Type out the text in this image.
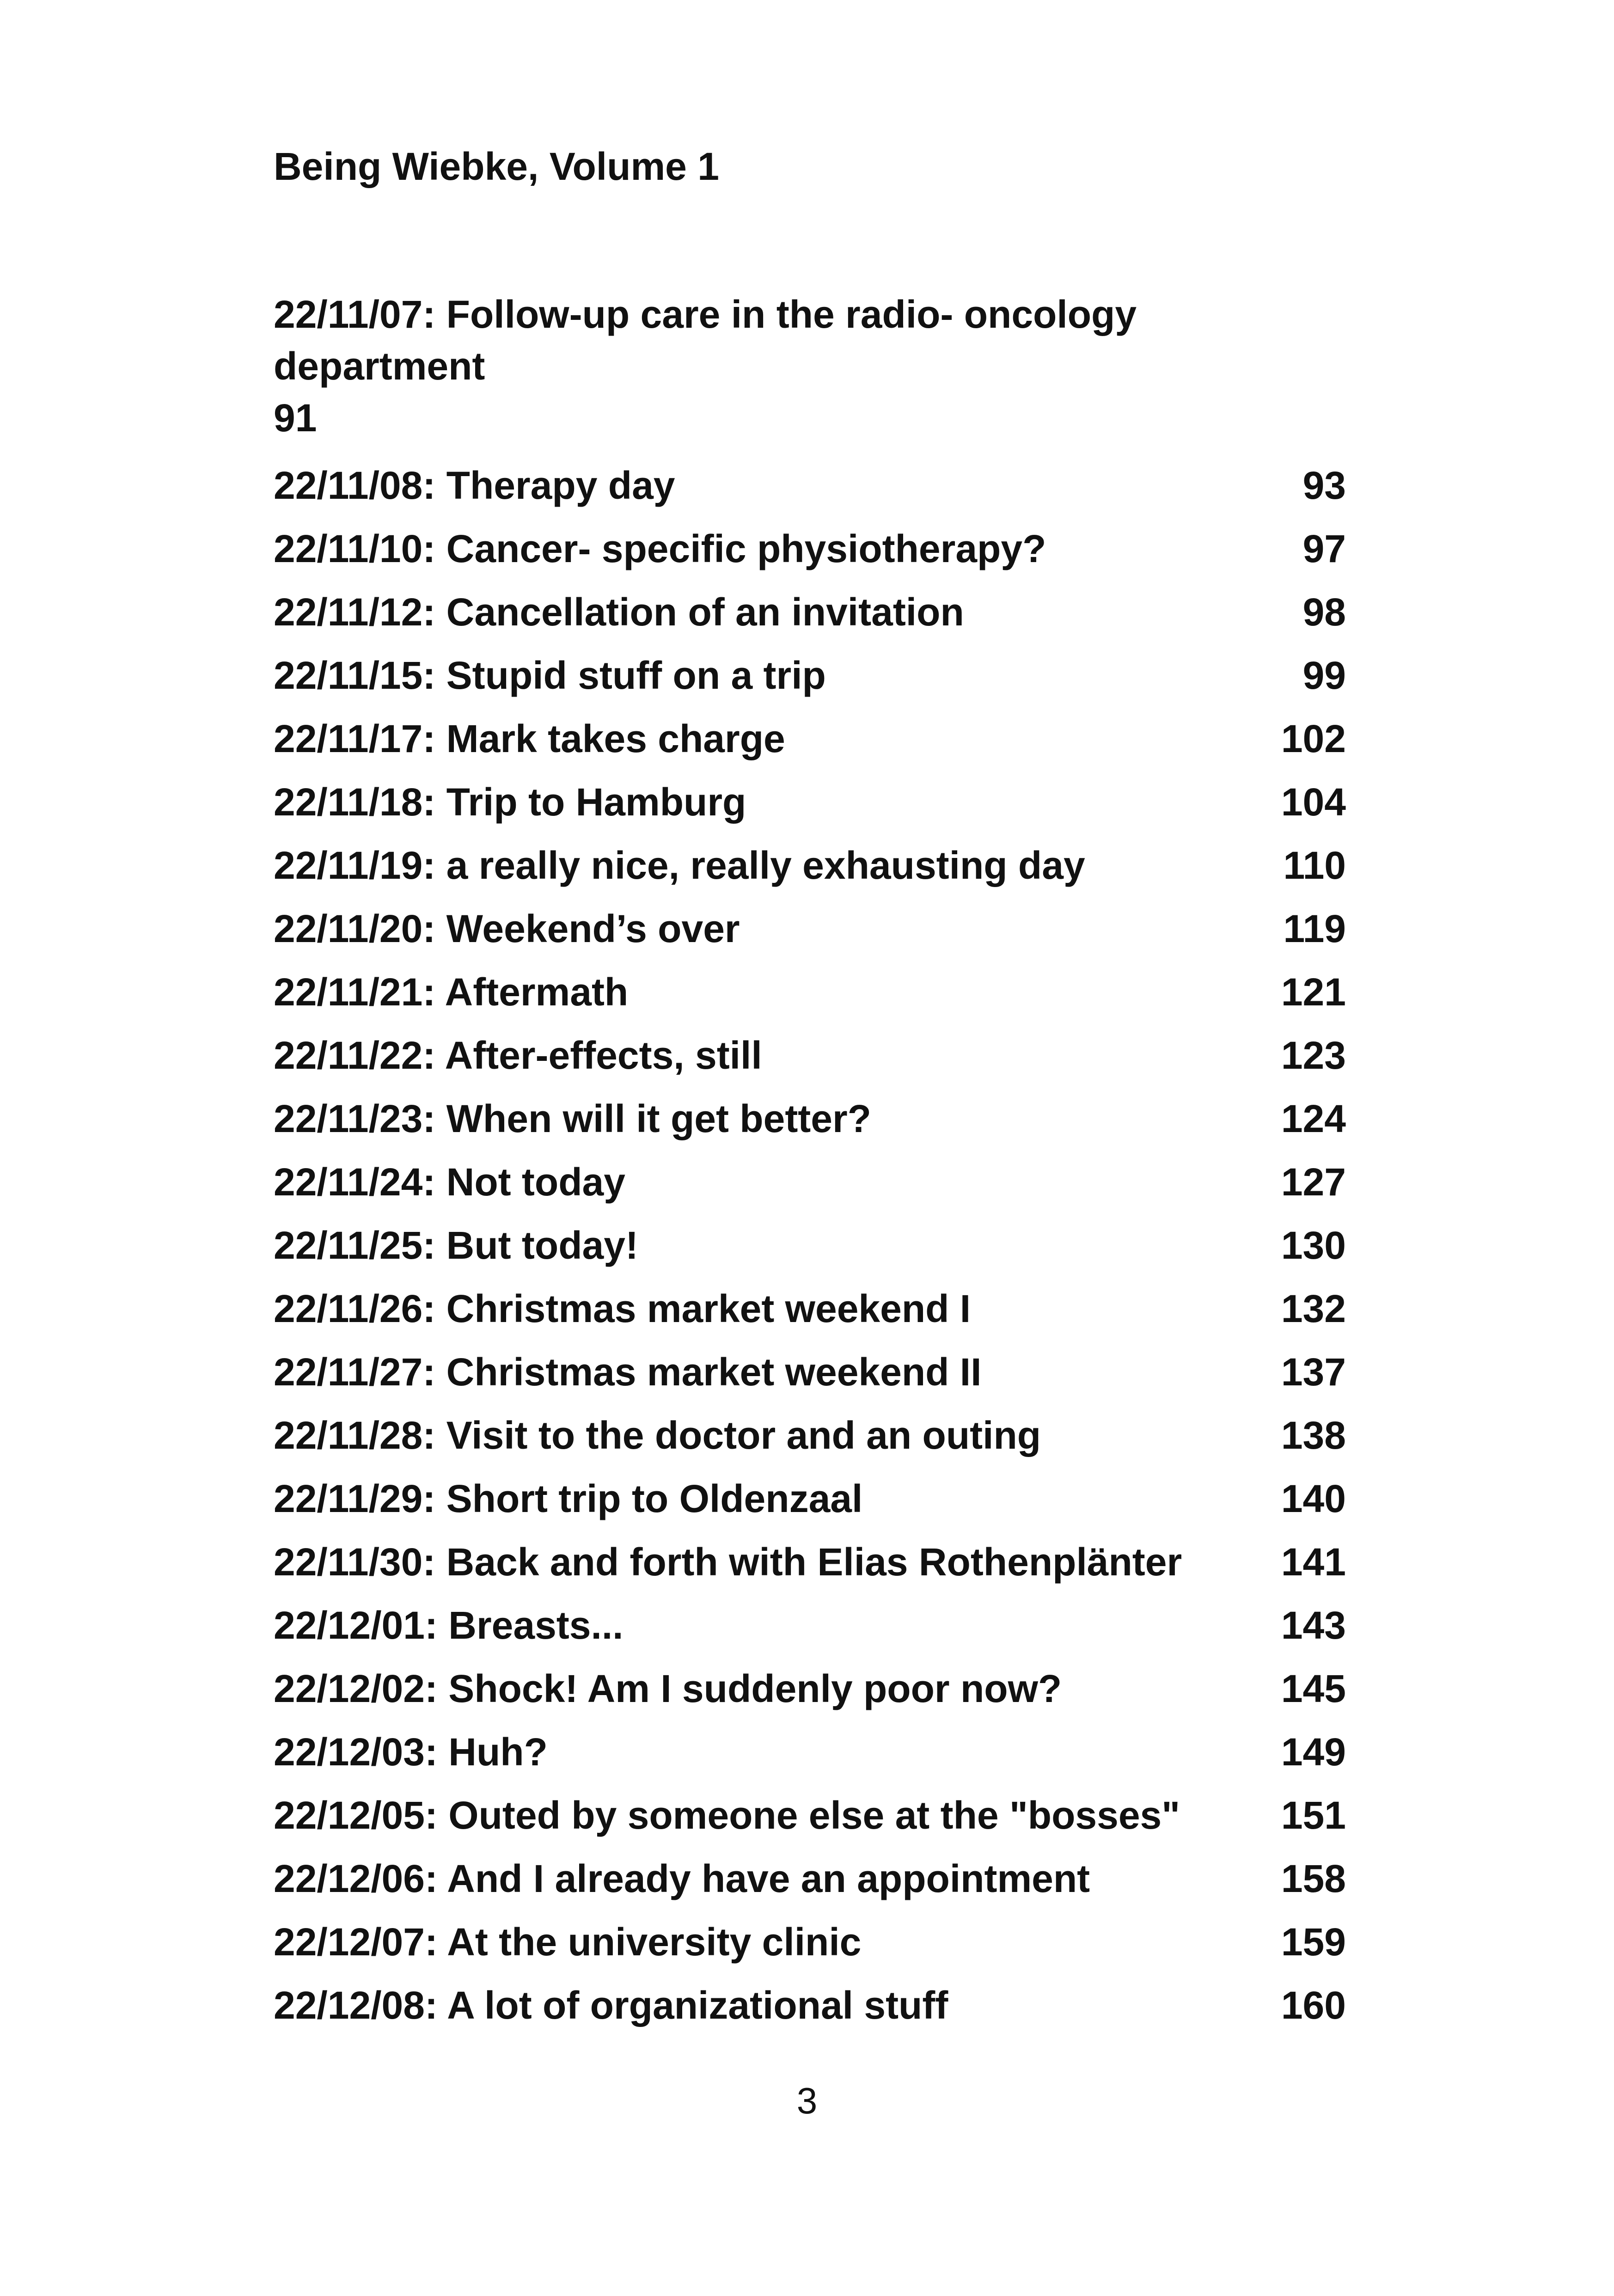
Being Wiebke, Volume 1
22/11/07: Follow-up care in the radio- oncology department
91
22/11/08: Therapy day	93
22/11/10: Cancer- specific physiotherapy?	97
22/11/12: Cancellation of an invitation	98
22/11/15: Stupid stuff on a trip	99
22/11/17: Mark takes charge	102
22/11/18: Trip to Hamburg	104
22/11/19: a really nice, really exhausting day	110
22/11/20: Weekend’s over	119
22/11/21: Aftermath	121
22/11/22: After-effects, still	123
22/11/23: When will it get better?	124
22/11/24: Not today	127
22/11/25: But today!	130
22/11/26: Christmas market weekend I	132
22/11/27: Christmas market weekend II	137
22/11/28: Visit to the doctor and an outing	138
22/11/29: Short trip to Oldenzaal	140
22/11/30: Back and forth with Elias Rothenplänter	141
22/12/01: Breasts...	143
22/12/02: Shock! Am I suddenly poor now?	145
22/12/03: Huh?	149
22/12/05: Outed by someone else at the "bosses"	151
22/12/06: And I already have an appointment	158
22/12/07: At the university clinic	159
22/12/08: A lot of organizational stuff	160
3
